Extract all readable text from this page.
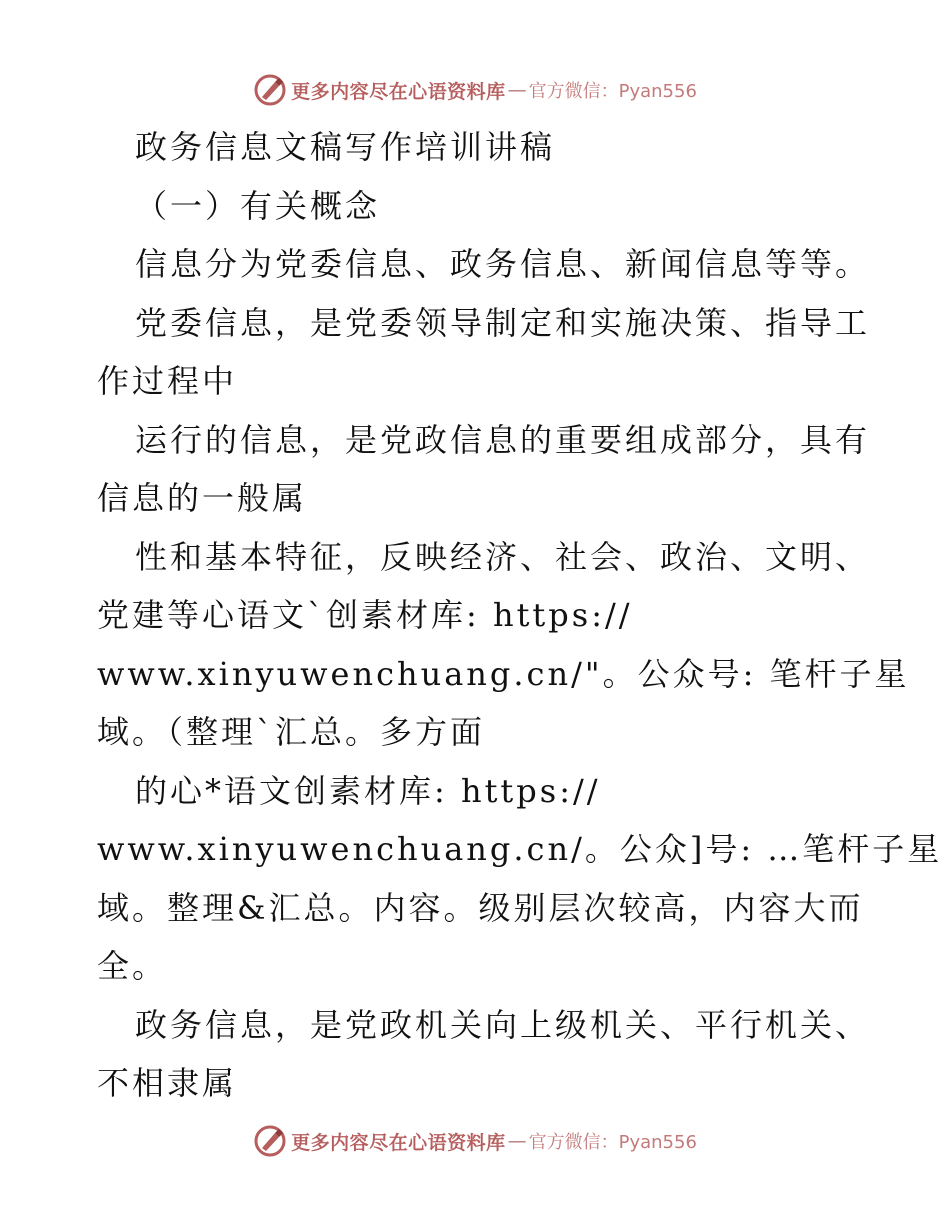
更多内容尽在心语资料库 — 官方微信：Pyan556
政务信息文稿写作培训讲稿
（一）有关概念
信息分为党委信息、政务信息、新闻信息等等。
党委信息，是党委领导制定和实施决策、指导工
作过程中
运行的信息，是党政信息的重要组成部分，具有
信息的一般属
性和基本特征，反映经济、社会、政治、文明、
党建等心语文`创素材库: https://
www.xinyuwenchuang.cn/"。公众号: 笔杆子星
域。（整理`汇总。多方面
的心*语文创素材库: https://
www.xinyuwenchuang.cn/。公众]号: …笔杆子星
域。整理&汇总。内容。级别层次较高，内容大而
全。
政务信息，是党政机关向上级机关、平行机关、
不相隶属
更多内容尽在心语资料库 — 官方微信：Pyan556
